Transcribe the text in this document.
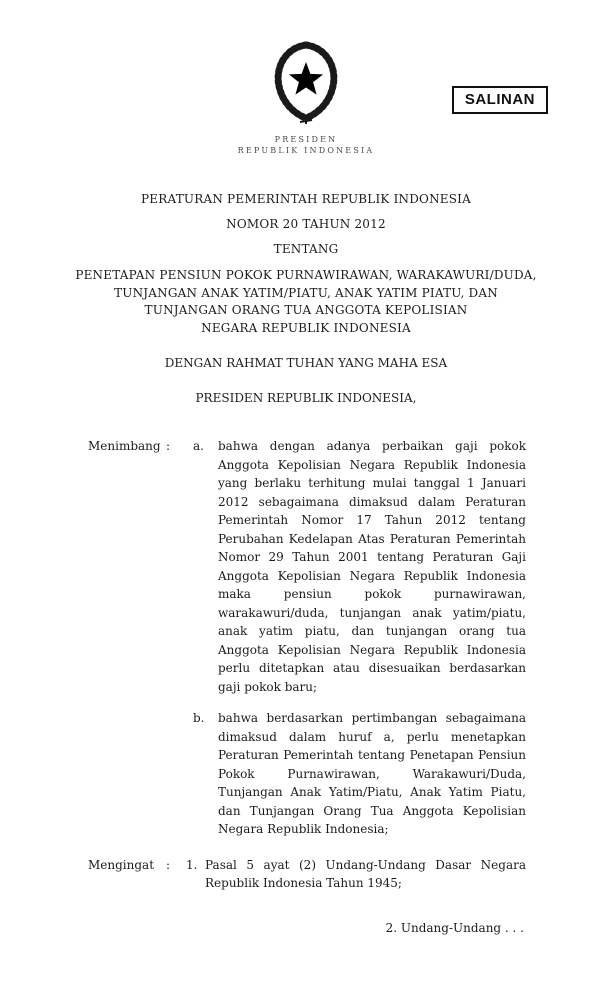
SALINAN
PRESIDEN
REPUBLIK INDONESIA
PERATURAN PEMERINTAH REPUBLIK INDONESIA
NOMOR 20 TAHUN 2012
TENTANG
PENETAPAN PENSIUN POKOK PURNAWIRAWAN, WARAKAWURI/DUDA,
TUNJANGAN ANAK YATIM/PIATU, ANAK YATIM PIATU, DAN
TUNJANGAN ORANG TUA ANGGOTA KEPOLISIAN
NEGARA REPUBLIK INDONESIA
DENGAN RAHMAT TUHAN YANG MAHA ESA
PRESIDEN REPUBLIK INDONESIA,
Menimbang :	a.	bahwa dengan adanya perbaikan gaji pokok Anggota Kepolisian Negara Republik Indonesia yang berlaku terhitung mulai tanggal 1 Januari 2012 sebagaimana dimaksud dalam Peraturan Pemerintah Nomor 17 Tahun 2012 tentang Perubahan Kedelapan Atas Peraturan Pemerintah Nomor 29 Tahun 2001 tentang Peraturan Gaji Anggota Kepolisian Negara Republik Indonesia maka pensiun pokok purnawirawan, warakawuri/duda, tunjangan anak yatim/piatu, anak yatim piatu, dan tunjangan orang tua Anggota Kepolisian Negara Republik Indonesia perlu ditetapkan atau disesuaikan berdasarkan gaji pokok baru;
b.	bahwa berdasarkan pertimbangan sebagaimana dimaksud dalam huruf a, perlu menetapkan Peraturan Pemerintah tentang Penetapan Pensiun Pokok Purnawirawan, Warakawuri/Duda, Tunjangan Anak Yatim/Piatu, Anak Yatim Piatu, dan Tunjangan Orang Tua Anggota Kepolisian Negara Republik Indonesia;
Mengingat :	1. Pasal 5 ayat (2) Undang-Undang Dasar Negara Republik Indonesia Tahun 1945;
2. Undang-Undang . . .
